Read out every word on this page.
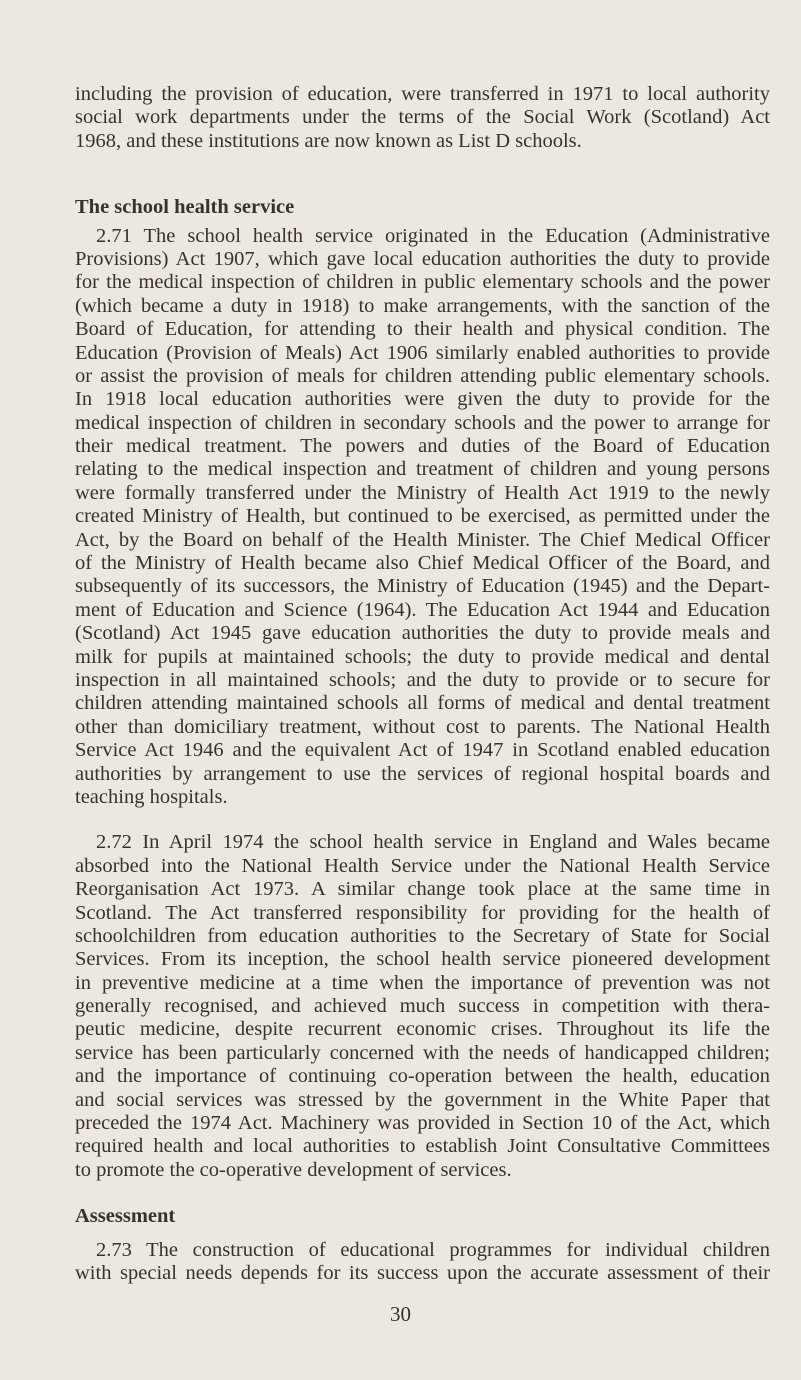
including the provision of education, were transferred in 1971 to local authority
social work departments under the terms of the Social Work (Scotland) Act
1968, and these institutions are now known as List D schools.
The school health service
2.71 The school health service originated in the Education (Administrative
Provisions) Act 1907, which gave local education authorities the duty to provide
for the medical inspection of children in public elementary schools and the power
(which became a duty in 1918) to make arrangements, with the sanction of the
Board of Education, for attending to their health and physical condition. The
Education (Provision of Meals) Act 1906 similarly enabled authorities to provide
or assist the provision of meals for children attending public elementary schools.
In 1918 local education authorities were given the duty to provide for the
medical inspection of children in secondary schools and the power to arrange for
their medical treatment. The powers and duties of the Board of Education
relating to the medical inspection and treatment of children and young persons
were formally transferred under the Ministry of Health Act 1919 to the newly
created Ministry of Health, but continued to be exercised, as permitted under the
Act, by the Board on behalf of the Health Minister. The Chief Medical Officer
of the Ministry of Health became also Chief Medical Officer of the Board, and
subsequently of its successors, the Ministry of Education (1945) and the Depart-
ment of Education and Science (1964). The Education Act 1944 and Education
(Scotland) Act 1945 gave education authorities the duty to provide meals and
milk for pupils at maintained schools; the duty to provide medical and dental
inspection in all maintained schools; and the duty to provide or to secure for
children attending maintained schools all forms of medical and dental treatment
other than domiciliary treatment, without cost to parents. The National Health
Service Act 1946 and the equivalent Act of 1947 in Scotland enabled education
authorities by arrangement to use the services of regional hospital boards and
teaching hospitals.
2.72 In April 1974 the school health service in England and Wales became
absorbed into the National Health Service under the National Health Service
Reorganisation Act 1973. A similar change took place at the same time in
Scotland. The Act transferred responsibility for providing for the health of
schoolchildren from education authorities to the Secretary of State for Social
Services. From its inception, the school health service pioneered development
in preventive medicine at a time when the importance of prevention was not
generally recognised, and achieved much success in competition with thera-
peutic medicine, despite recurrent economic crises. Throughout its life the
service has been particularly concerned with the needs of handicapped children;
and the importance of continuing co-operation between the health, education
and social services was stressed by the government in the White Paper that
preceded the 1974 Act. Machinery was provided in Section 10 of the Act, which
required health and local authorities to establish Joint Consultative Committees
to promote the co-operative development of services.
Assessment
2.73 The construction of educational programmes for individual children
with special needs depends for its success upon the accurate assessment of their
30
